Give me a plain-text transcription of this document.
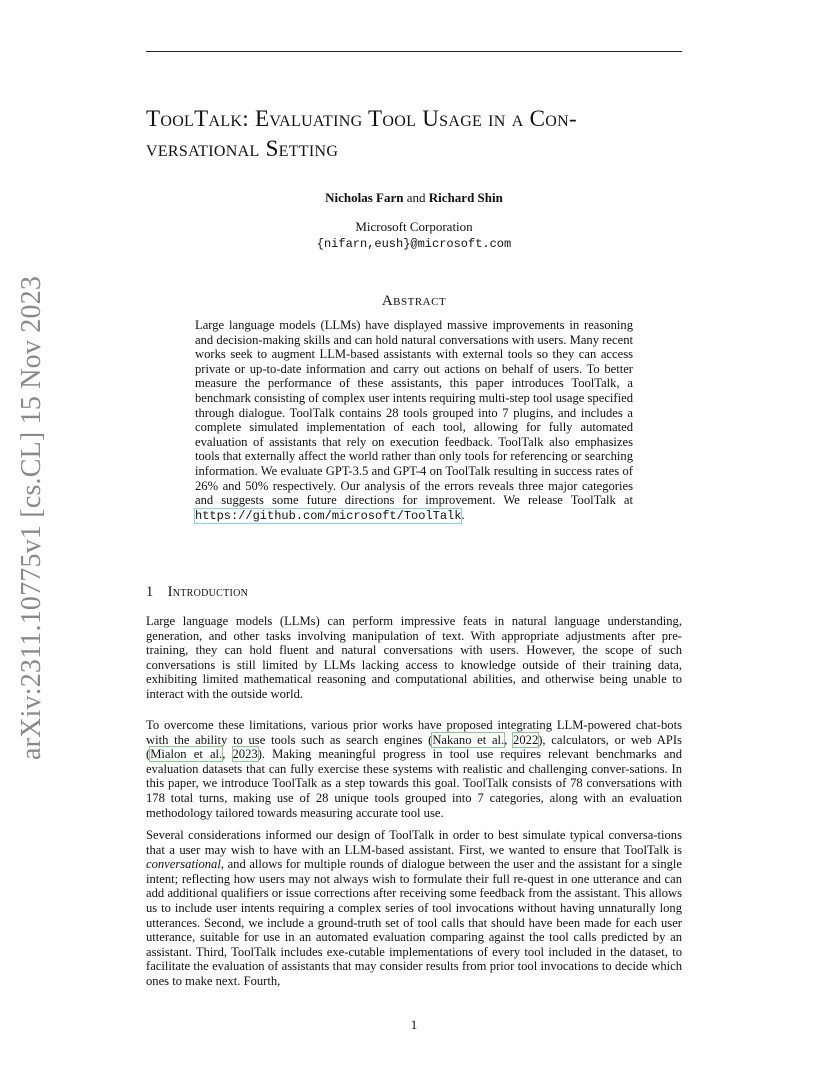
arXiv:2311.10775v1 [cs.CL] 15 Nov 2023
ToolTalk: Evaluating Tool Usage in a Con-
versational Setting
Nicholas Farn and Richard Shin
Microsoft Corporation
{nifarn,eush}@microsoft.com
Abstract

Large language models (LLMs) have displayed massive improvements in reasoning and decision-making skills and can hold natural conversations with users. Many recent works seek to augment LLM-based assistants with external tools so they can access private or up-to-date information and carry out actions on behalf of users. To better measure the performance of these assistants, this paper introduces ToolTalk, a benchmark consisting of complex user intents requiring multi-step tool usage specified through dialogue. ToolTalk contains 28 tools grouped into 7 plugins, and includes a complete simulated implementation of each tool, allowing for fully automated evaluation of assistants that rely on execution feedback. ToolTalk also emphasizes tools that externally affect the world rather than only tools for referencing or searching information. We evaluate GPT-3.5 and GPT-4 on ToolTalk resulting in success rates of 26% and 50% respectively. Our analysis of the errors reveals three major categories and suggests some future directions for improvement. We release ToolTalk at https://github.com/microsoft/ToolTalk.

1 Introduction

Large language models (LLMs) can perform impressive feats in natural language understanding, generation, and other tasks involving manipulation of text. With appropriate adjustments after pre-training, they can hold fluent and natural conversations with users. However, the scope of such conversations is still limited by LLMs lacking access to knowledge outside of their training data, exhibiting limited mathematical reasoning and computational abilities, and otherwise being unable to interact with the outside world.

To overcome these limitations, various prior works have proposed integrating LLM-powered chat-bots with the ability to use tools such as search engines (Nakano et al., 2022), calculators, or web APIs (Mialon et al., 2023). Making meaningful progress in tool use requires relevant benchmarks and evaluation datasets that can fully exercise these systems with realistic and challenging conver-sations. In this paper, we introduce ToolTalk as a step towards this goal. ToolTalk consists of 78 conversations with 178 total turns, making use of 28 unique tools grouped into 7 categories, along with an evaluation methodology tailored towards measuring accurate tool use.

Several considerations informed our design of ToolTalk in order to best simulate typical conversa-tions that a user may wish to have with an LLM-based assistant. First, we wanted to ensure that ToolTalk is conversational, and allows for multiple rounds of dialogue between the user and the assistant for a single intent; reflecting how users may not always wish to formulate their full re-quest in one utterance and can add additional qualifiers or issue corrections after receiving some feedback from the assistant. This allows us to include user intents requiring a complex series of tool invocations without having unnaturally long utterances. Second, we include a ground-truth set of tool calls that should have been made for each user utterance, suitable for use in an automated evaluation comparing against the tool calls predicted by an assistant. Third, ToolTalk includes exe-cutable implementations of every tool included in the dataset, to facilitate the evaluation of assistants that may consider results from prior tool invocations to decide which ones to make next. Fourth,

1
